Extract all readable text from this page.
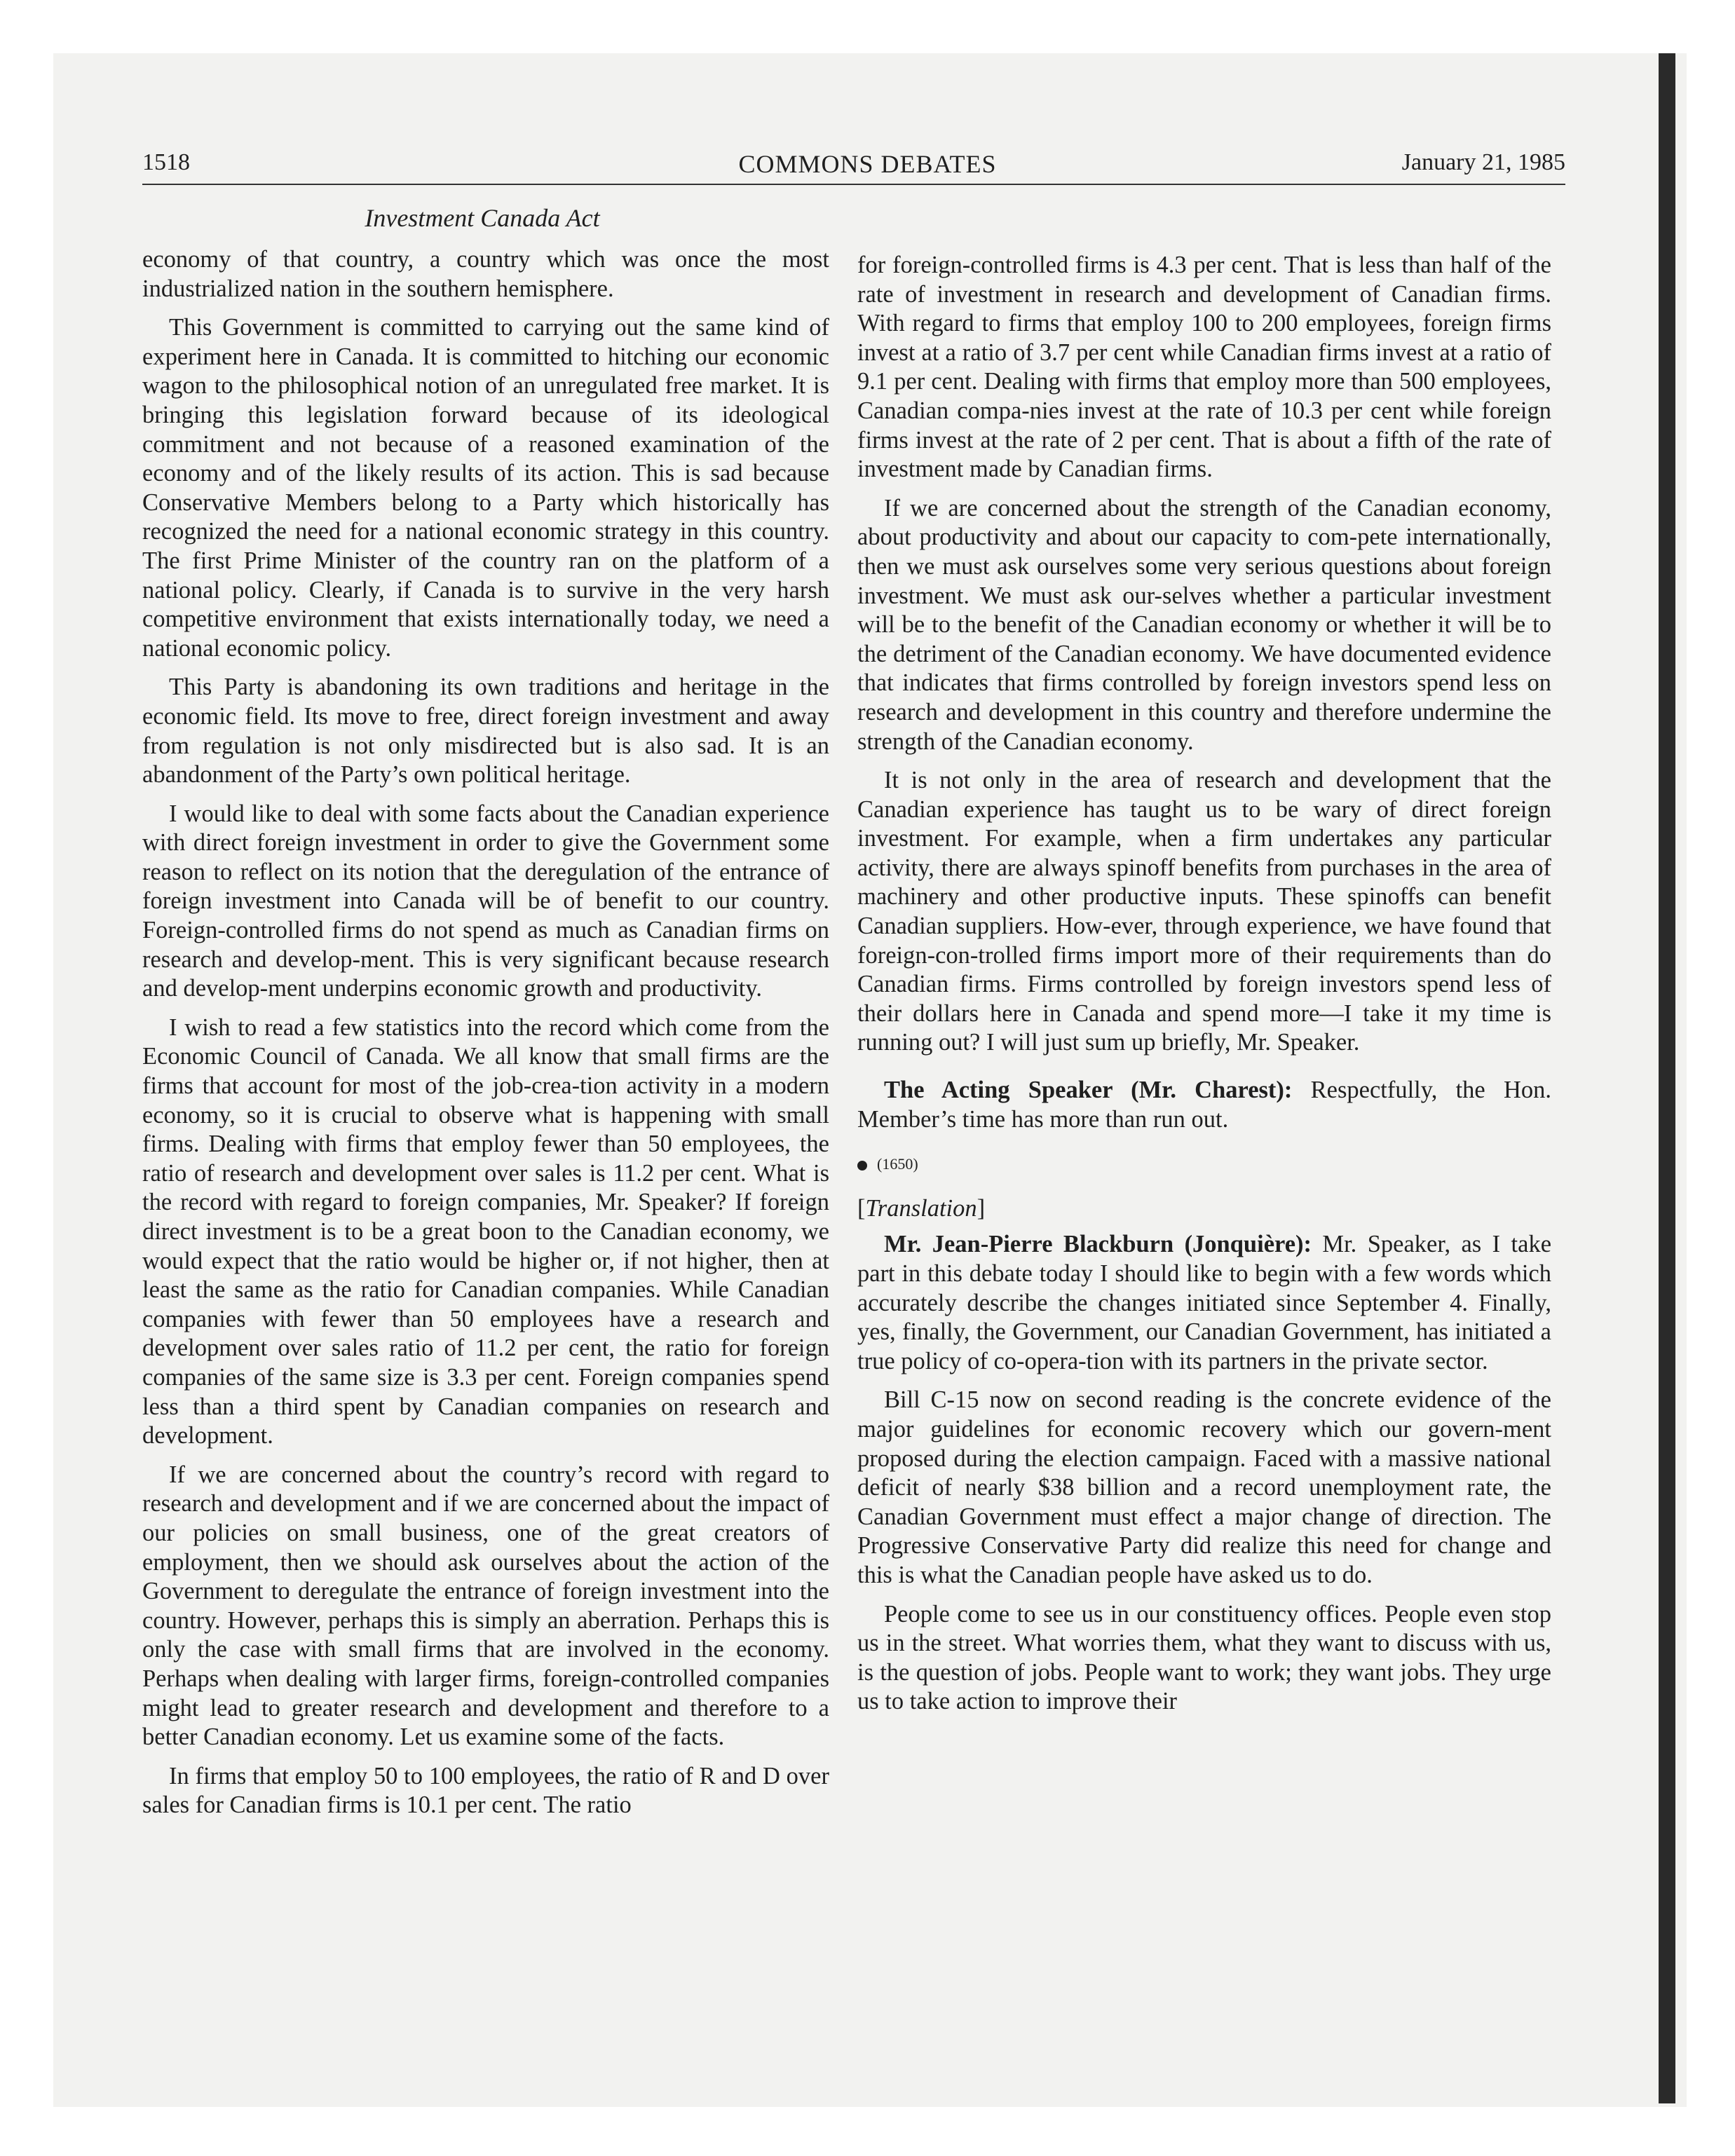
1518	COMMONS DEBATES	January 21, 1985
Investment Canada Act

economy of that country, a country which was once the most industrialized nation in the southern hemisphere.

This Government is committed to carrying out the same kind of experiment here in Canada. It is committed to hitching our economic wagon to the philosophical notion of an unregulated free market. It is bringing this legislation forward because of its ideological commitment and not because of a reasoned examination of the economy and of the likely results of its action. This is sad because Conservative Members belong to a Party which historically has recognized the need for a national economic strategy in this country. The first Prime Minister of the country ran on the platform of a national policy. Clearly, if Canada is to survive in the very harsh competitive environment that exists internationally today, we need a national economic policy.

This Party is abandoning its own traditions and heritage in the economic field. Its move to free, direct foreign investment and away from regulation is not only misdirected but is also sad. It is an abandonment of the Party’s own political heritage.

I would like to deal with some facts about the Canadian experience with direct foreign investment in order to give the Government some reason to reflect on its notion that the deregulation of the entrance of foreign investment into Canada will be of benefit to our country. Foreign-controlled firms do not spend as much as Canadian firms on research and develop-ment. This is very significant because research and develop-ment underpins economic growth and productivity.

I wish to read a few statistics into the record which come from the Economic Council of Canada. We all know that small firms are the firms that account for most of the job-crea-tion activity in a modern economy, so it is crucial to observe what is happening with small firms. Dealing with firms that employ fewer than 50 employees, the ratio of research and development over sales is 11.2 per cent. What is the record with regard to foreign companies, Mr. Speaker? If foreign direct investment is to be a great boon to the Canadian economy, we would expect that the ratio would be higher or, if not higher, then at least the same as the ratio for Canadian companies. While Canadian companies with fewer than 50 employees have a research and development over sales ratio of 11.2 per cent, the ratio for foreign companies of the same size is 3.3 per cent. Foreign companies spend less than a third spent by Canadian companies on research and development.

If we are concerned about the country’s record with regard to research and development and if we are concerned about the impact of our policies on small business, one of the great creators of employment, then we should ask ourselves about the action of the Government to deregulate the entrance of foreign investment into the country. However, perhaps this is simply an aberration. Perhaps this is only the case with small firms that are involved in the economy. Perhaps when dealing with larger firms, foreign-controlled companies might lead to greater research and development and therefore to a better Canadian economy. Let us examine some of the facts.

In firms that employ 50 to 100 employees, the ratio of R and D over sales for Canadian firms is 10.1 per cent. The ratio

for foreign-controlled firms is 4.3 per cent. That is less than half of the rate of investment in research and development of Canadian firms. With regard to firms that employ 100 to 200 employees, foreign firms invest at a ratio of 3.7 per cent while Canadian firms invest at a ratio of 9.1 per cent. Dealing with firms that employ more than 500 employees, Canadian compa-nies invest at the rate of 10.3 per cent while foreign firms invest at the rate of 2 per cent. That is about a fifth of the rate of investment made by Canadian firms.

If we are concerned about the strength of the Canadian economy, about productivity and about our capacity to com-pete internationally, then we must ask ourselves some very serious questions about foreign investment. We must ask our-selves whether a particular investment will be to the benefit of the Canadian economy or whether it will be to the detriment of the Canadian economy. We have documented evidence that indicates that firms controlled by foreign investors spend less on research and development in this country and therefore undermine the strength of the Canadian economy.

It is not only in the area of research and development that the Canadian experience has taught us to be wary of direct foreign investment. For example, when a firm undertakes any particular activity, there are always spinoff benefits from purchases in the area of machinery and other productive inputs. These spinoffs can benefit Canadian suppliers. How-ever, through experience, we have found that foreign-con-trolled firms import more of their requirements than do Canadian firms. Firms controlled by foreign investors spend less of their dollars here in Canada and spend more—I take it my time is running out? I will just sum up briefly, Mr. Speaker.

The Acting Speaker (Mr. Charest): Respectfully, the Hon. Member’s time has more than run out.

(1650)
[Translation]

Mr. Jean-Pierre Blackburn (Jonquière): Mr. Speaker, as I take part in this debate today I should like to begin with a few words which accurately describe the changes initiated since September 4. Finally, yes, finally, the Government, our Canadian Government, has initiated a true policy of co-opera-tion with its partners in the private sector.

Bill C-15 now on second reading is the concrete evidence of the major guidelines for economic recovery which our govern-ment proposed during the election campaign. Faced with a massive national deficit of nearly $38 billion and a record unemployment rate, the Canadian Government must effect a major change of direction. The Progressive Conservative Party did realize this need for change and this is what the Canadian people have asked us to do.

People come to see us in our constituency offices. People even stop us in the street. What worries them, what they want to discuss with us, is the question of jobs. People want to work; they want jobs. They urge us to take action to improve their
